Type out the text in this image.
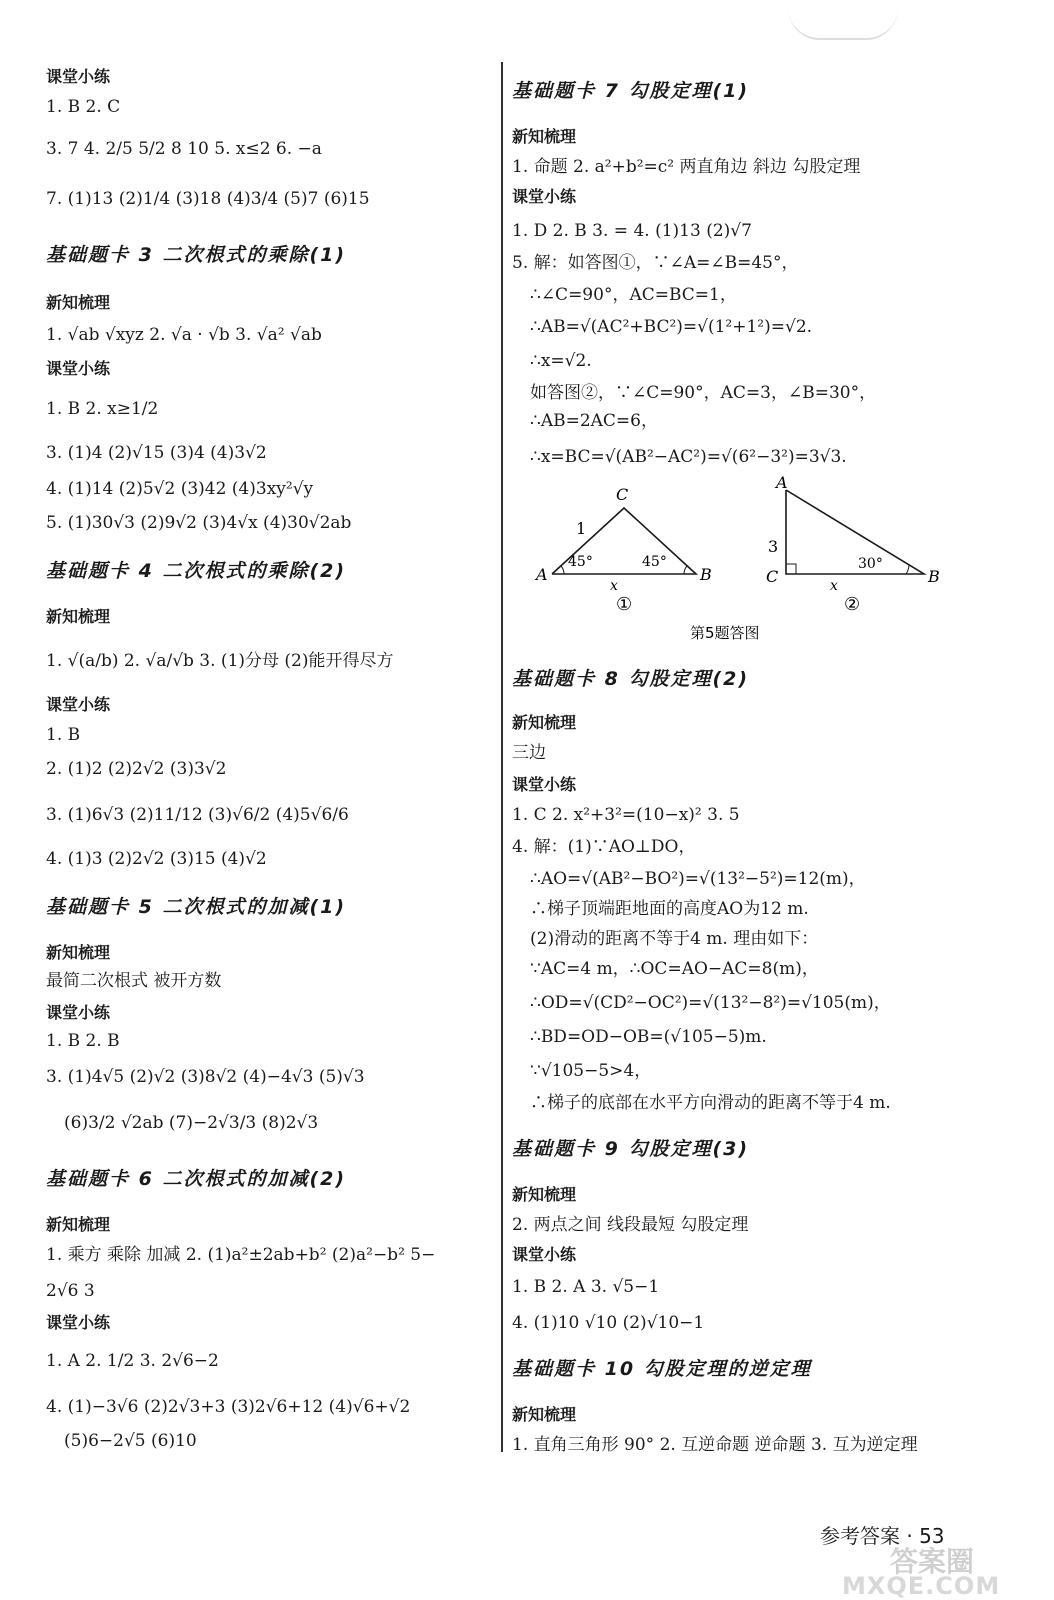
课堂小练
1. B 2. C
3. 7 4. 2/5 5/2 8 10 5. x≤2 6. −a
7. (1)13 (2)1/4 (3)18 (4)3/4 (5)7 (6)15
基础题卡 3 二次根式的乘除(1)
新知梳理
1. √ab √xyz 2. √a · √b 3. √a² √ab
课堂小练
1. B 2. x≥1/2
3. (1)4 (2)√15 (3)4 (4)3√2
4. (1)14 (2)5√2 (3)42 (4)3xy²√y
5. (1)30√3 (2)9√2 (3)4√x (4)30√2ab
基础题卡 4 二次根式的乘除(2)
新知梳理
1. √(a/b) 2. √a/√b 3. (1)分母 (2)能开得尽方
课堂小练
1. B
2. (1)2 (2)2√2 (3)3√2
3. (1)6√3 (2)11/12 (3)√6/2 (4)5√6/6
4. (1)3 (2)2√2 (3)15 (4)√2
基础题卡 5 二次根式的加减(1)
新知梳理
最简二次根式 被开方数
课堂小练
1. B 2. B
3. (1)4√5 (2)√2 (3)8√2 (4)−4√3 (5)√3
(6)3/2 √2ab (7)−2√3/3 (8)2√3
基础题卡 6 二次根式的加减(2)
新知梳理
1. 乘方 乘除 加减 2. (1)a²±2ab+b² (2)a²−b² 5−
2√6 3
课堂小练
1. A 2. 1/2 3. 2√6−2
4. (1)−3√6 (2)2√3+3 (3)2√6+12 (4)√6+√2
(5)6−2√5 (6)10
基础题卡 7 勾股定理(1)
新知梳理
1. 命题 2. a²+b²=c² 两直角边 斜边 勾股定理
课堂小练
1. D 2. B 3. = 4. (1)13 (2)√7
5. 解：如答图①，∵∠A=∠B=45°，
∴∠C=90°，AC=BC=1，
∴AB=√(AC²+BC²)=√(1²+1²)=√2.
∴x=√2.
如答图②，∵∠C=90°，AC=3，∠B=30°，
∴AB=2AC=6，
∴x=BC=√(AB²−AC²)=√(6²−3²)=3√3.
基础题卡 8 勾股定理(2)
新知梳理
三边
课堂小练
1. C 2. x²+3²=(10−x)² 3. 5
4. 解：(1)∵AO⊥DO，
∴AO=√(AB²−BO²)=√(13²−5²)=12(m)，
∴梯子顶端距地面的高度AO为12 m.
(2)滑动的距离不等于4 m. 理由如下：
∵AC=4 m，∴OC=AO−AC=8(m)，
∴OD=√(CD²−OC²)=√(13²−8²)=√105(m)，
∴BD=OD−OB=(√105−5)m.
∵√105−5>4，
∴梯子的底部在水平方向滑动的距离不等于4 m.
基础题卡 9 勾股定理(3)
新知梳理
2. 两点之间 线段最短 勾股定理
课堂小练
1. B 2. A 3. √5−1
4. (1)10 √10 (2)√10−1
基础题卡 10 勾股定理的逆定理
新知梳理
1. 直角三角形 90° 2. 互逆命题 逆命题 3. 互为逆定理
C
A	B
1
45°	45°
x
①
A
C	B
3
30°
x
②
第5题答图
参考答案 · 53
答案圈
MXQE.COM
